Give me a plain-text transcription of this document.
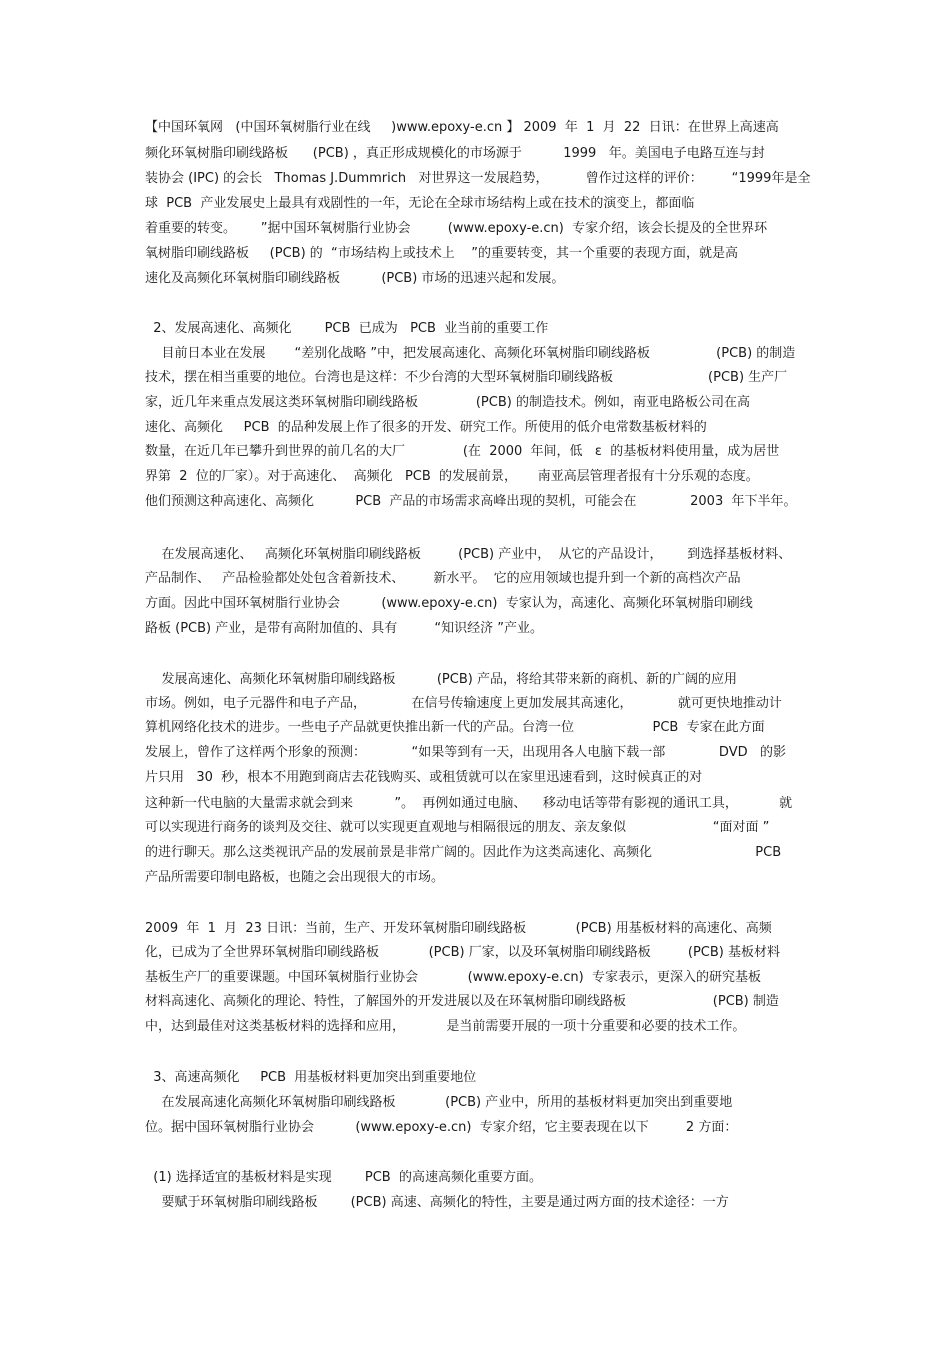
【中国环氧网   (中国环氧树脂行业在线     )www.epoxy-e.cn 】 2009  年  1  月  22  日讯：在世界上高速高
频化环氧树脂印刷线路板      (PCB) ，真正形成规模化的市场源于          1999   年。美国电子电路互连与封
装协会 (IPC) 的会长   Thomas J.Dummrich   对世界这一发展趋势，         曾作过这样的评价：       “1999年是全
球  PCB  产业发展史上最具有戏剧性的一年，无论在全球市场结构上或在技术的演变上，都面临
着重要的转变。      ”据中国环氧树脂行业协会         (www.epoxy-e.cn)  专家介绍，该会长提及的全世界环
氧树脂印刷线路板     (PCB) 的  “市场结构上或技术上    ”的重要转变，其一个重要的表现方面，就是高
速化及高频化环氧树脂印刷线路板          (PCB) 市场的迅速兴起和发展。
2、发展高速化、高频化        PCB  已成为   PCB  业当前的重要工作
目前日本业在发展       “差别化战略 ”中，把发展高速化、高频化环氧树脂印刷线路板                (PCB) 的制造
技术，摆在相当重要的地位。台湾也是这样：不少台湾的大型环氧树脂印刷线路板                       (PCB) 生产厂
家，近几年来重点发展这类环氧树脂印刷线路板              (PCB) 的制造技术。例如，南亚电路板公司在高
速化、高频化     PCB  的品种发展上作了很多的开发、研究工作。所使用的低介电常数基板材料的
数量，在近几年已攀升到世界的前几名的大厂              (在  2000  年间，低   ε  的基板材料使用量，成为居世
界第  2  位的厂家）。对于高速化、  高频化   PCB  的发展前景，     南亚高层管理者报有十分乐观的态度。
他们预测这种高速化、高频化          PCB  产品的市场需求高峰出现的契机，可能会在             2003  年下半年。
在发展高速化、   高频化环氧树脂印刷线路板         (PCB) 产业中，  从它的产品设计，      到选择基板材料、
产品制作、   产品检验都处处包含着新技术、       新水平。  它的应用领域也提升到一个新的高档次产品
方面。因此中国环氧树脂行业协会          (www.epoxy-e.cn)  专家认为，高速化、高频化环氧树脂印刷线
路板 (PCB) 产业，是带有高附加值的、具有         “知识经济 ”产业。
发展高速化、高频化环氧树脂印刷线路板          (PCB) 产品，将给其带来新的商机、新的广阔的应用
市场。例如，电子元器件和电子产品，           在信号传输速度上更加发展其高速化，           就可更快地推动计
算机网络化技术的进步。一些电子产品就更快推出新一代的产品。台湾一位                   PCB  专家在此方面
发展上，曾作了这样两个形象的预测：           “如果等到有一天，出现用各人电脑下载一部             DVD   的影
片只用   30  秒，根本不用跑到商店去花钱购买、或租赁就可以在家里迅速看到，这时候真正的对
这种新一代电脑的大量需求就会到来          ”。  再例如通过电脑、    移动电话等带有影视的通讯工具，          就
可以实现进行商务的谈判及交往、就可以实现更直观地与相隔很远的朋友、亲友象似                     “面对面 ”
的进行聊天。那么这类视讯产品的发展前景是非常广阔的。因此作为这类高速化、高频化                         PCB
产品所需要印制电路板，也随之会出现很大的市场。
2009  年  1  月  23 日讯：当前，生产、开发环氧树脂印刷线路板            (PCB) 用基板材料的高速化、高频
化，已成为了全世界环氧树脂印刷线路板            (PCB) 厂家，以及环氧树脂印刷线路板         (PCB) 基板材料
基板生产厂的重要课题。中国环氧树脂行业协会            (www.epoxy-e.cn)  专家表示，更深入的研究基板
材料高速化、高频化的理论、特性，了解国外的开发进展以及在环氧树脂印刷线路板                     (PCB) 制造
中，达到最佳对这类基板材料的选择和应用，          是当前需要开展的一项十分重要和必要的技术工作。
3、高速高频化     PCB  用基板材料更加突出到重要地位
在发展高速化高频化环氧树脂印刷线路板            (PCB) 产业中，所用的基板材料更加突出到重要地
位。据中国环氧树脂行业协会          (www.epoxy-e.cn)  专家介绍，它主要表现在以下         2 方面：
(1) 选择适宜的基板材料是实现        PCB  的高速高频化重要方面。
要赋于环氧树脂印刷线路板        (PCB) 高速、高频化的特性，主要是通过两方面的技术途径：一方
